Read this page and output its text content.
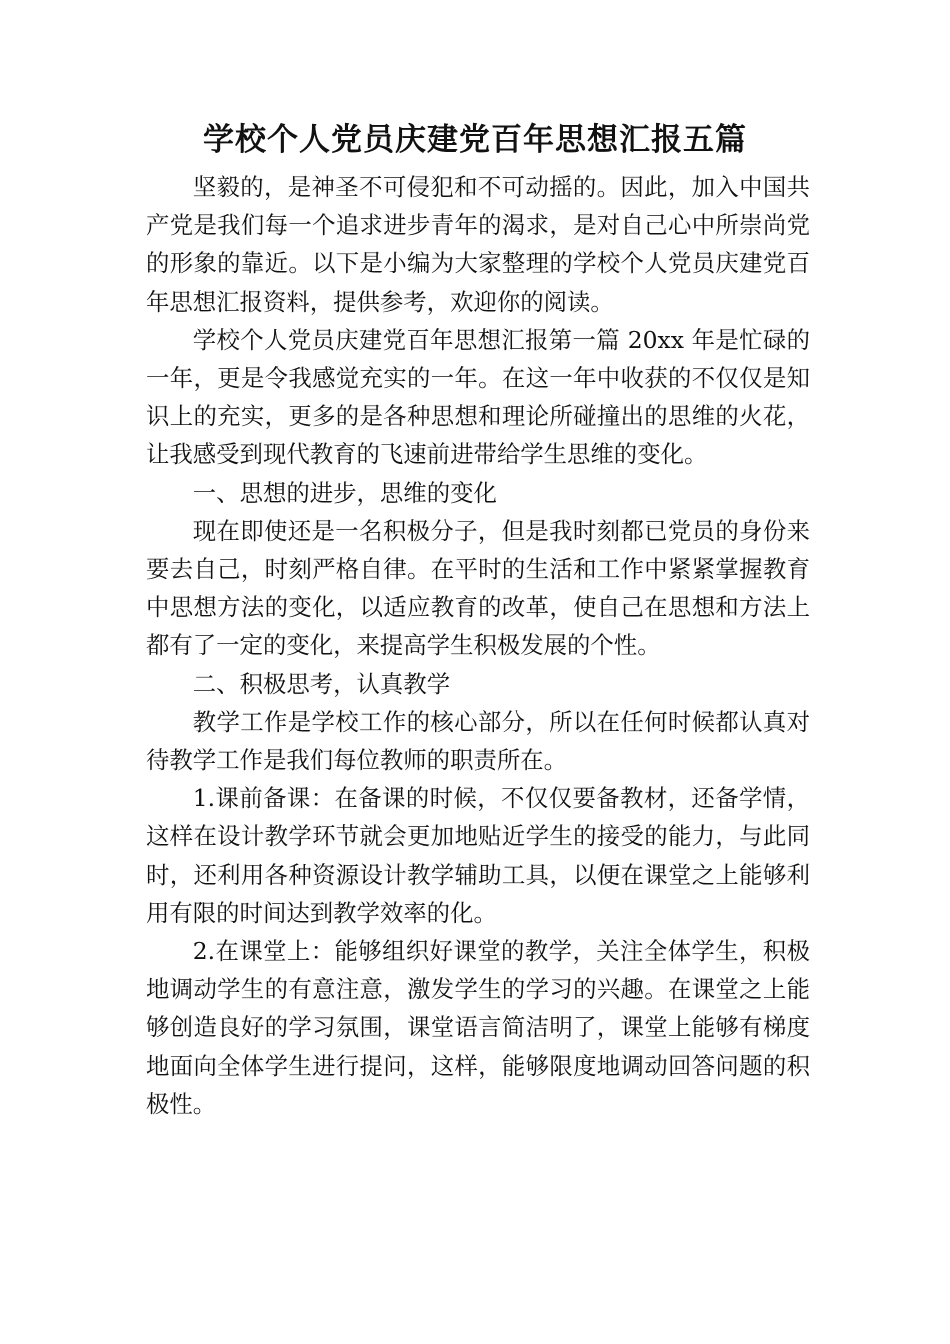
学校个人党员庆建党百年思想汇报五篇

坚毅的，是神圣不可侵犯和不可动摇的。因此，加入中国共产党是我们每一个追求进步青年的渴求，是对自己心中所崇尚党的形象的靠近。以下是小编为大家整理的学校个人党员庆建党百年思想汇报资料，提供参考，欢迎你的阅读。

学校个人党员庆建党百年思想汇报第一篇 20xx 年是忙碌的一年，更是令我感觉充实的一年。在这一年中收获的不仅仅是知识上的充实，更多的是各种思想和理论所碰撞出的思维的火花，让我感受到现代教育的飞速前进带给学生思维的变化。

一、思想的进步，思维的变化

现在即使还是一名积极分子，但是我时刻都已党员的身份来要去自己，时刻严格自律。在平时的生活和工作中紧紧掌握教育中思想方法的变化，以适应教育的改革，使自己在思想和方法上都有了一定的变化，来提高学生积极发展的个性。

二、积极思考，认真教学

教学工作是学校工作的核心部分，所以在任何时候都认真对待教学工作是我们每位教师的职责所在。

1.课前备课：在备课的时候，不仅仅要备教材，还备学情，这样在设计教学环节就会更加地贴近学生的接受的能力，与此同时，还利用各种资源设计教学辅助工具，以便在课堂之上能够利用有限的时间达到教学效率的化。

2.在课堂上：能够组织好课堂的教学，关注全体学生，积极地调动学生的有意注意，激发学生的学习的兴趣。在课堂之上能够创造良好的学习氛围，课堂语言简洁明了，课堂上能够有梯度地面向全体学生进行提问，这样，能够限度地调动回答问题的积极性。
